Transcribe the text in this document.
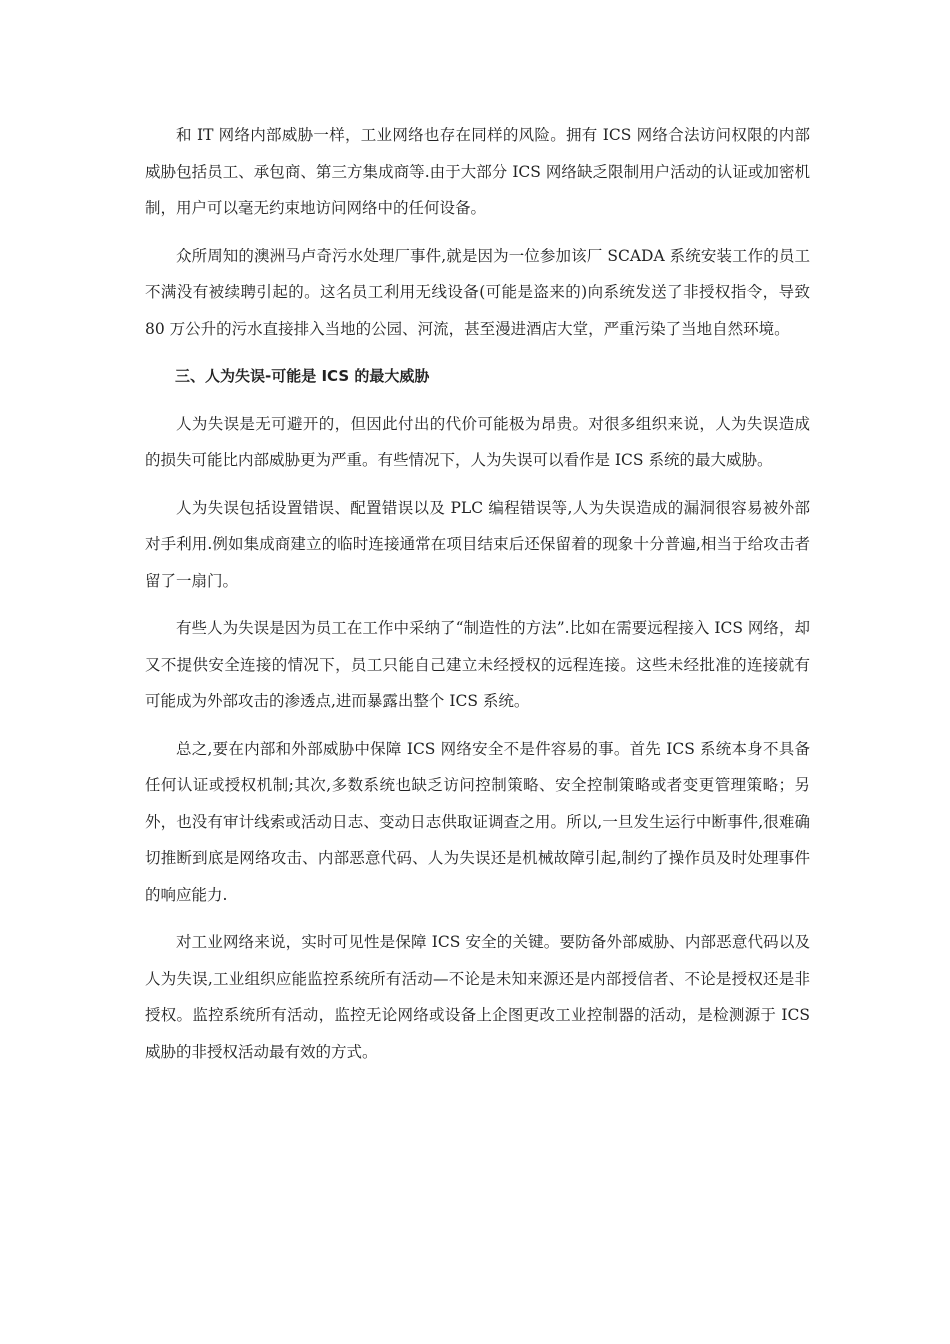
和 IT 网络内部威胁一样，工业网络也存在同样的风险。拥有 ICS 网络合法访问权限的内部威胁包括员工、承包商、第三方集成商等.由于大部分 ICS 网络缺乏限制用户活动的认证或加密机制，用户可以毫无约束地访问网络中的任何设备。

众所周知的澳洲马卢奇污水处理厂事件,就是因为一位参加该厂 SCADA 系统安装工作的员工不满没有被续聘引起的。这名员工利用无线设备(可能是盗来的)向系统发送了非授权指令，导致 80 万公升的污水直接排入当地的公园、河流，甚至漫进酒店大堂，严重污染了当地自然环境。

三、人为失误-可能是 ICS 的最大威胁

人为失误是无可避开的，但因此付出的代价可能极为昂贵。对很多组织来说，人为失误造成的损失可能比内部威胁更为严重。有些情况下，人为失误可以看作是 ICS 系统的最大威胁。

人为失误包括设置错误、配置错误以及 PLC 编程错误等,人为失误造成的漏洞很容易被外部对手利用.例如集成商建立的临时连接通常在项目结束后还保留着的现象十分普遍,相当于给攻击者留了一扇门。

有些人为失误是因为员工在工作中采纳了“制造性的方法”.比如在需要远程接入 ICS 网络，却又不提供安全连接的情况下，员工只能自己建立未经授权的远程连接。这些未经批准的连接就有可能成为外部攻击的渗透点,进而暴露出整个 ICS 系统。

总之,要在内部和外部威胁中保障 ICS 网络安全不是件容易的事。首先 ICS 系统本身不具备任何认证或授权机制;其次,多数系统也缺乏访问控制策略、安全控制策略或者变更管理策略；另外，也没有审计线索或活动日志、变动日志供取证调查之用。所以,一旦发生运行中断事件,很难确切推断到底是网络攻击、内部恶意代码、人为失误还是机械故障引起,制约了操作员及时处理事件的响应能力.

对工业网络来说，实时可见性是保障 ICS 安全的关键。要防备外部威胁、内部恶意代码以及人为失误,工业组织应能监控系统所有活动—不论是未知来源还是内部授信者、不论是授权还是非授权。监控系统所有活动，监控无论网络或设备上企图更改工业控制器的活动，是检测源于 ICS 威胁的非授权活动最有效的方式。
